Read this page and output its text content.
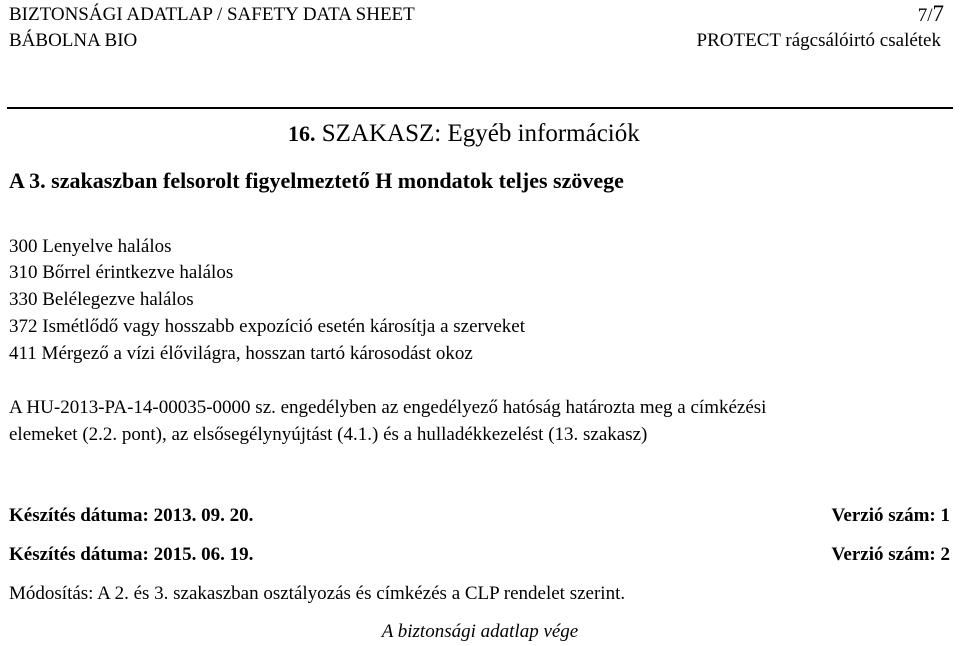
BIZTONSÁGI ADATLAP / SAFETY DATA SHEET	7/7
BÁBOLNA BIO	PROTECT rágcsálóirtó csalétek
16. SZAKASZ: Egyéb információk
A 3. szakaszban felsorolt figyelmeztető H mondatok teljes szövege
300 Lenyelve halálos
310 Bőrrel érintkezve halálos
330 Belélegezve halálos
372 Ismétlődő vagy hosszabb expozíció esetén károsítja a szerveket
411 Mérgező a vízi élővilágra, hosszan tartó károsodást okoz
A HU-2013-PA-14-00035-0000 sz. engedélyben az engedélyező hatóság határozta meg a címkézési
elemeket (2.2. pont), az elsősegélynyújtást (4.1.) és a hulladékkezelést (13. szakasz)
Készítés dátuma: 2013. 09. 20.	Verzió szám: 1
Készítés dátuma: 2015. 06. 19.	Verzió szám: 2
Módosítás: A 2. és 3. szakaszban osztályozás és címkézés a CLP rendelet szerint.
A biztonsági adatlap vége
